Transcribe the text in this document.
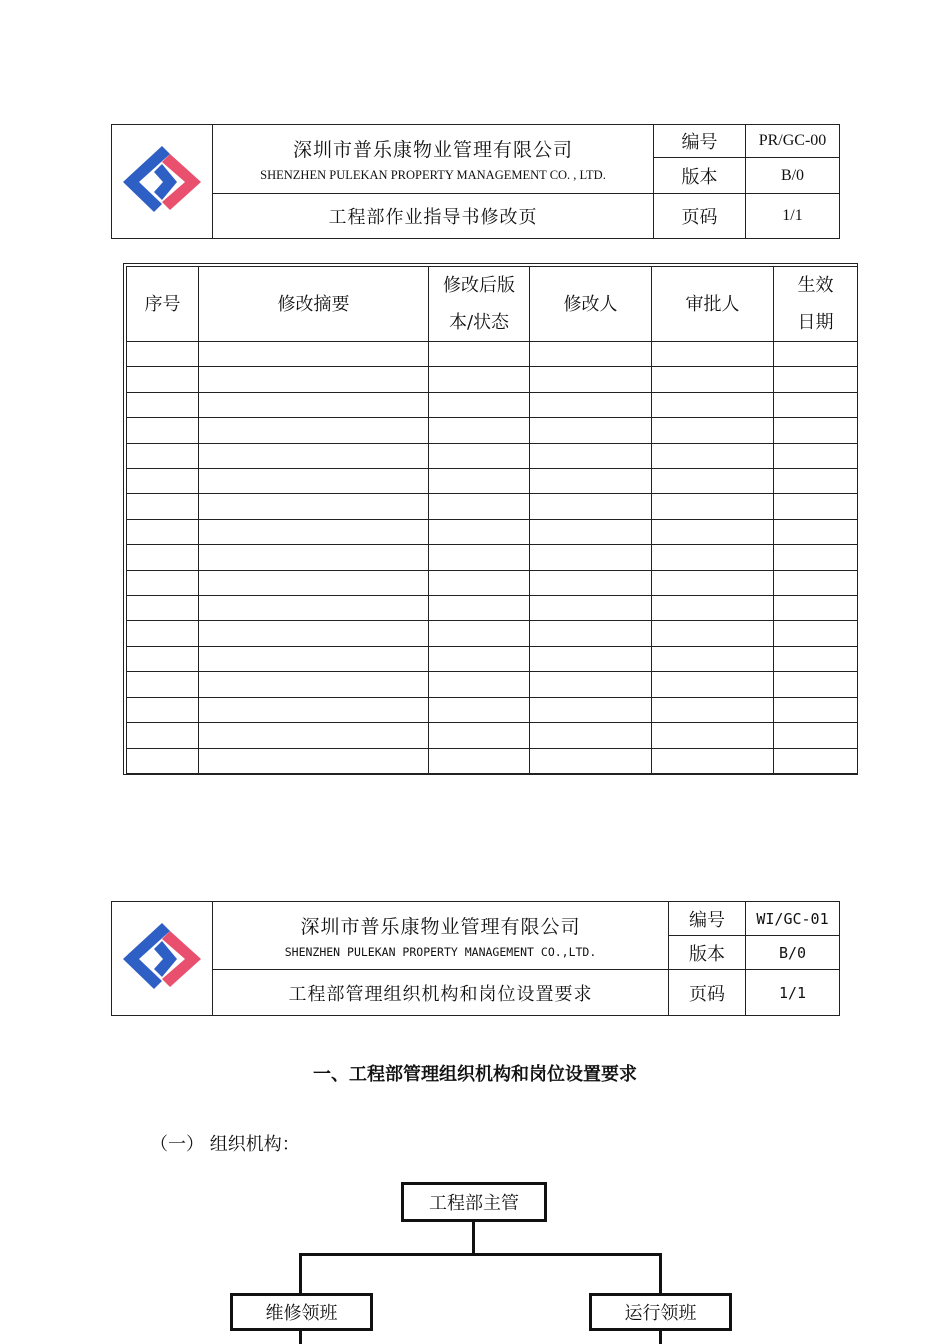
深圳市普乐康物业管理有限公司
SHENZHEN PULEKAN PROPERTY MANAGEMENT CO. , LTD.	编号	PR/GC-00
		版本	B/0
	工程部作业指导书修改页	页码	1/1
序号	修改摘要	修改后版本/状态	修改人	审批人	生效日期

深圳市普乐康物业管理有限公司
SHENZHEN PULEKAN PROPERTY MANAGEMENT CO.,LTD.	编号	WI/GC-01
		版本	B/0
	工程部管理组织机构和岗位设置要求	页码	1/1
一、工程部管理组织机构和岗位设置要求
（一） 组织机构：
工程部主管
维修领班	运行领班
